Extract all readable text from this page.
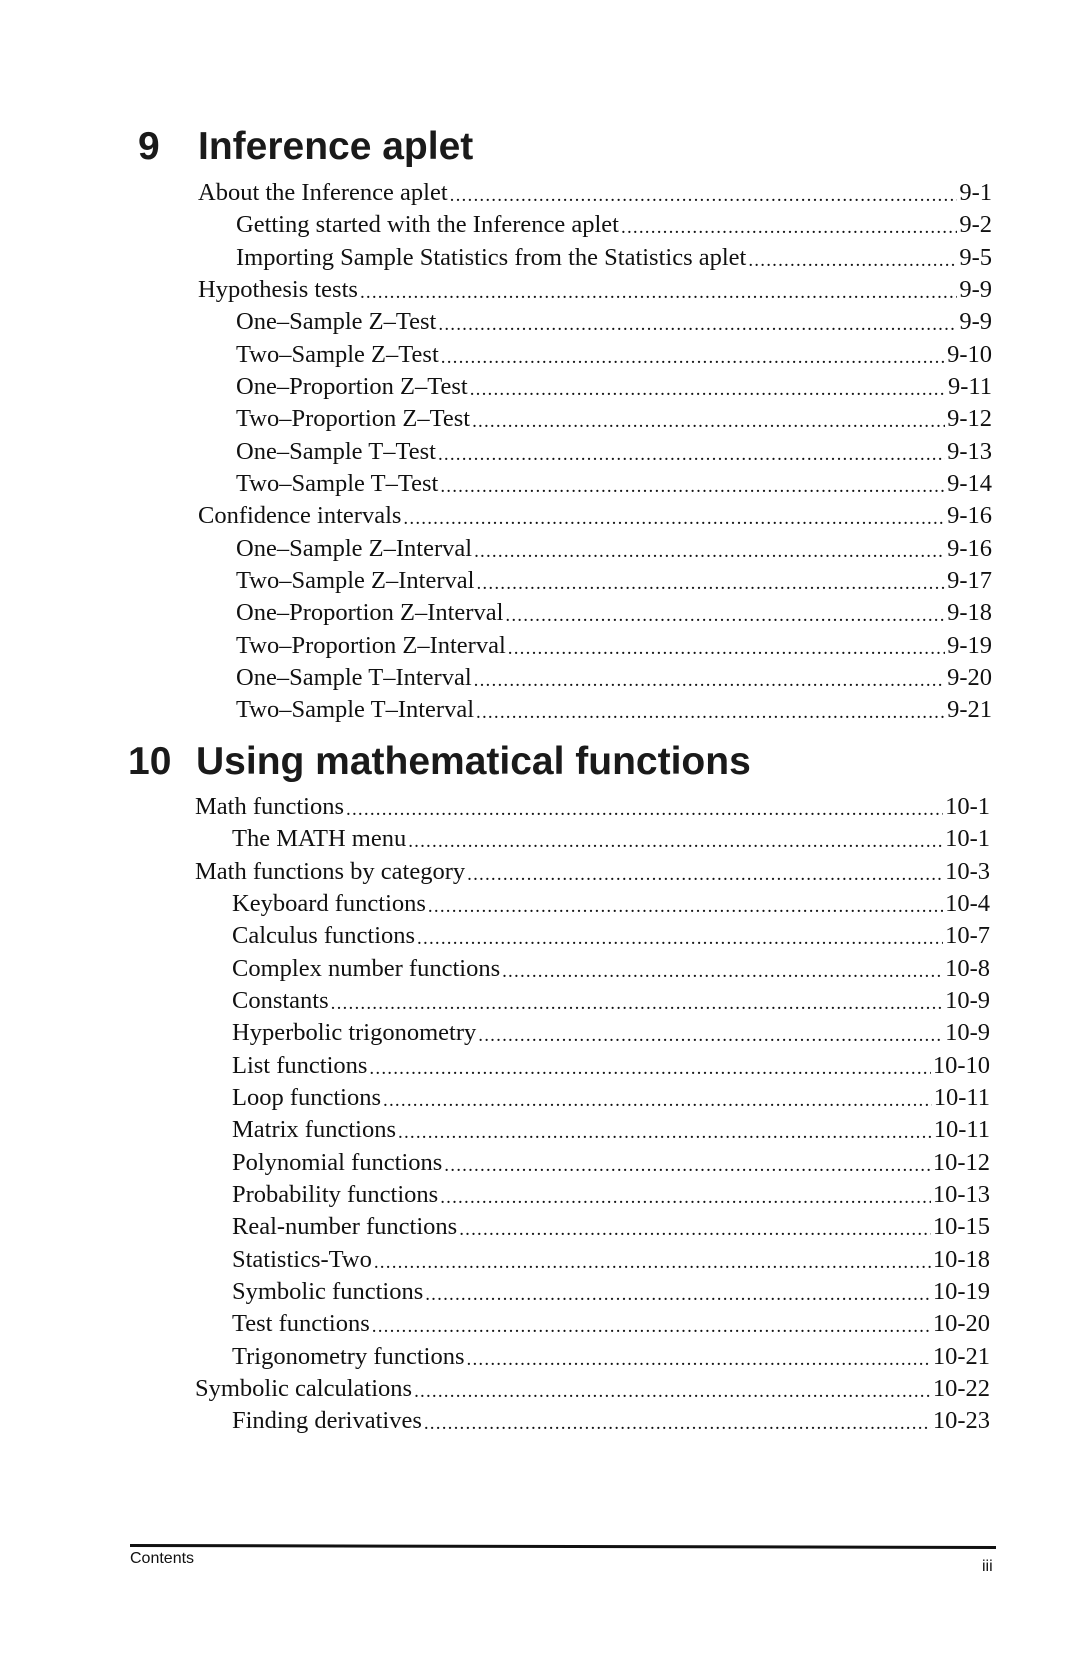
9 Inference aplet
About the Inference aplet .....	9-1
Getting started with the Inference aplet .....	9-2
Importing Sample Statistics from the Statistics aplet .....	9-5
Hypothesis tests .....	9-9
One–Sample Z–Test .....	9-9
Two–Sample Z–Test .....	9-10
One–Proportion Z–Test .....	9-11
Two–Proportion Z–Test .....	9-12
One–Sample T–Test .....	9-13
Two–Sample T–Test .....	9-14
Confidence intervals .....	9-16
One–Sample Z–Interval .....	9-16
Two–Sample Z–Interval .....	9-17
One–Proportion Z–Interval .....	9-18
Two–Proportion Z–Interval .....	9-19
One–Sample T–Interval .....	9-20
Two–Sample T–Interval .....	9-21
10 Using mathematical functions
Math functions .....	10-1
The MATH menu .....	10-1
Math functions by category .....	10-3
Keyboard functions .....	10-4
Calculus functions .....	10-7
Complex number functions .....	10-8
Constants .....	10-9
Hyperbolic trigonometry .....	10-9
List functions .....	10-10
Loop functions .....	10-11
Matrix functions .....	10-11
Polynomial functions .....	10-12
Probability functions .....	10-13
Real-number functions .....	10-15
Statistics-Two .....	10-18
Symbolic functions .....	10-19
Test functions .....	10-20
Trigonometry functions .....	10-21
Symbolic calculations .....	10-22
Finding derivatives .....	10-23
Contents	iii
